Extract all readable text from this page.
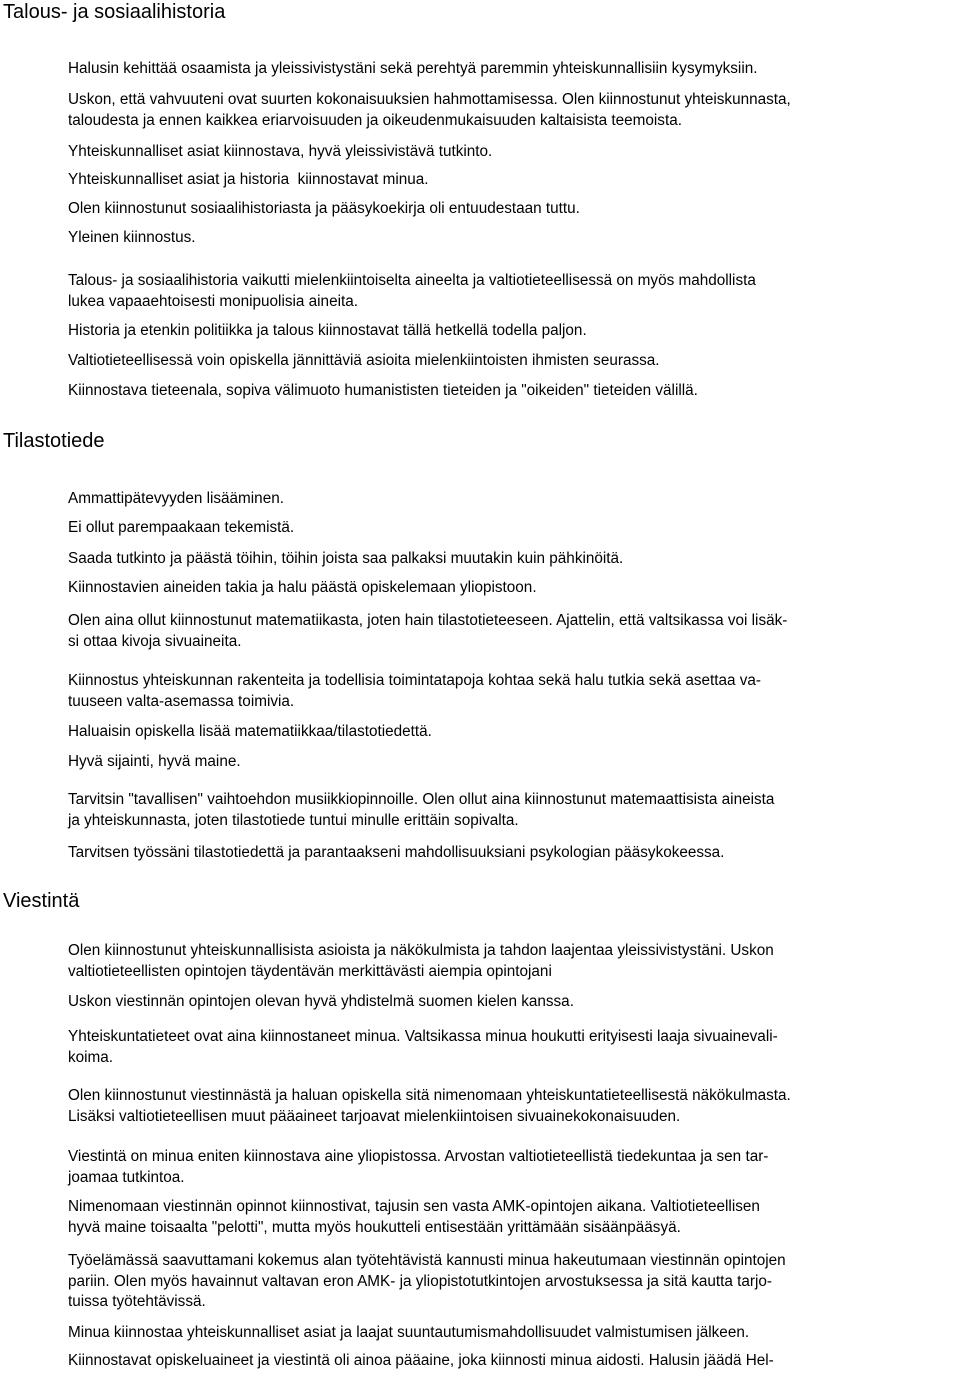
Talous- ja sosiaalihistoria

Halusin kehittää osaamista ja yleissivistystäni sekä perehtyä paremmin yhteiskunnallisiin kysymyksiin.

Uskon, että vahvuuteni ovat suurten kokonaisuuksien hahmottamisessa. Olen kiinnostunut yhteiskunnasta,
taloudesta ja ennen kaikkea eriarvoisuuden ja oikeudenmukaisuuden kaltaisista teemoista.

Yhteiskunnalliset asiat kiinnostava, hyvä yleissivistävä tutkinto.

Yhteiskunnalliset asiat ja historia  kiinnostavat minua.

Olen kiinnostunut sosiaalihistoriasta ja pääsykoekirja oli entuudestaan tuttu.

Yleinen kiinnostus.

Talous- ja sosiaalihistoria vaikutti mielenkiintoiselta aineelta ja valtiotieteellisessä on myös mahdollista
lukea vapaaehtoisesti monipuolisia aineita.

Historia ja etenkin politiikka ja talous kiinnostavat tällä hetkellä todella paljon.

Valtiotieteellisessä voin opiskella jännittäviä asioita mielenkiintoisten ihmisten seurassa.

Kiinnostava tieteenala, sopiva välimuoto humanististen tieteiden ja "oikeiden" tieteiden välillä.

Tilastotiede

Ammattipätevyyden lisääminen.

Ei ollut parempaakaan tekemistä.

Saada tutkinto ja päästä töihin, töihin joista saa palkaksi muutakin kuin pähkinöitä.

Kiinnostavien aineiden takia ja halu päästä opiskelemaan yliopistoon.

Olen aina ollut kiinnostunut matematiikasta, joten hain tilastotieteeseen. Ajattelin, että valtsikassa voi lisäk-
si ottaa kivoja sivuaineita.

Kiinnostus yhteiskunnan rakenteita ja todellisia toimintatapoja kohtaa sekä halu tutkia sekä asettaa va-
tuuseen valta-asemassa toimivia.

Haluaisin opiskella lisää matematiikkaa/tilastotiedettä.

Hyvä sijainti, hyvä maine.

Tarvitsin "tavallisen" vaihtoehdon musiikkiopinnoille. Olen ollut aina kiinnostunut matemaattisista aineista
ja yhteiskunnasta, joten tilastotiede tuntui minulle erittäin sopivalta.

Tarvitsen työssäni tilastotiedettä ja parantaakseni mahdollisuuksiani psykologian pääsykokeessa.

Viestintä

Olen kiinnostunut yhteiskunnallisista asioista ja näkökulmista ja tahdon laajentaa yleissivistystäni. Uskon
valtiotieteellisten opintojen täydentävän merkittävästi aiempia opintojani

Uskon viestinnän opintojen olevan hyvä yhdistelmä suomen kielen kanssa.

Yhteiskuntatieteet ovat aina kiinnostaneet minua. Valtsikassa minua houkutti erityisesti laaja sivuainevali-
koima.

Olen kiinnostunut viestinnästä ja haluan opiskella sitä nimenomaan yhteiskuntatieteellisestä näkökulmasta.
Lisäksi valtiotieteellisen muut pääaineet tarjoavat mielenkiintoisen sivuainekokonaisuuden.

Viestintä on minua eniten kiinnostava aine yliopistossa. Arvostan valtiotieteellistä tiedekuntaa ja sen tar-
joamaa tutkintoa.

Nimenomaan viestinnän opinnot kiinnostivat, tajusin sen vasta AMK-opintojen aikana. Valtiotieteellisen
hyvä maine toisaalta "pelotti", mutta myös houkutteli entisestään yrittämään sisäänpääsyä.

Työelämässä saavuttamani kokemus alan työtehtävistä kannusti minua hakeutumaan viestinnän opintojen
pariin. Olen myös havainnut valtavan eron AMK- ja yliopistotutkintojen arvostuksessa ja sitä kautta tarjo-
tuissa työtehtävissä.

Minua kiinnostaa yhteiskunnalliset asiat ja laajat suuntautumismahdollisuudet valmistumisen jälkeen.

Kiinnostavat opiskeluaineet ja viestintä oli ainoa pääaine, joka kiinnosti minua aidosti. Halusin jäädä Hel-
